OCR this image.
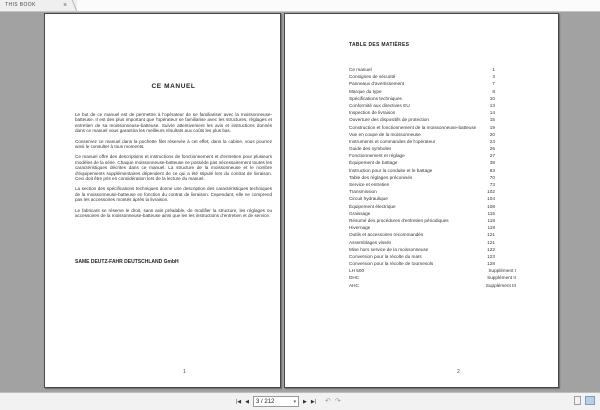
THIS BOOK	×
CE MANUEL

Le but de ce manuel est de permettre à l'opérateur de se familiariser avec la moissonneuse-batteuse. Il est des plus important que l'opérateur se familiarise avec les structures, réglages et entretien de sa moissonneuse-batteuse. Suivre attentivement les avis et instructions donnés dans ce manuel vous garantira les meilleurs résultats aux coûts les plus bas.

Conservez ce manuel dans la pochette filet réservée à cet effet, dans la cabine, vous pourrez ainsi le consulter à tous moments.

Ce manuel offre des descriptions et instructions de fonctionnement et d'entretien pour plusieurs modèles de la série. Chaque moissonneuse-batteuse ne possède pas nécessairement toutes les caractéristiques décrites dans ce manuel. La structure de la moissonneuse et le nombre d'équipements supplémentaires dépendent de ce qui a été stipulé lors du contrat de livraison. Ceci doit être pris en considération lors de la lecture du manuel.

La section des spécifications techniques donne une description des caractéristiques techniques de la moissonneuse-batteuse en fonction du contrat de livraison. Cependant, elle ne comprend pas les accessoires montés après la livraison.

Le fabricant se réserve le droit, sans avis préalable, de modifier la structure, les réglages ou accessoires de la moissonneuse-batteuse ainsi que les les instructions d'entretien et de service.

SAME DEUTZ-FAHR DEUTSCHLAND GmbH
1
TABLE DES MATIÈRES
Ce manuel	1
Consignes de sécurité	3
Panneaux d'avertissement	7
Marque du type	8
Spécifications techniques	10
Conformité aux directives EU	13
Inspection de livraison	14
Ouverture des dispositifs de protection	15
Construction et fonctionnement de la moissonneuse-batteuse	19
Vue en coupe de la moissonneuse	20
Instruments et commandes de l'opérateur	23
Guide des symboles	26
Fonctionnement et réglage	27
Équipement de battage	38
Instruction pour la conduite et le battage	63
Table des réglages préconisés	70
Service et entretien	73
Transmission	102
Circuit hydraulique	104
Équipement électrique	108
Graissage	115
Résumé des procédures d'entretien périodiques	118
Hivernage	119
Outils et accessoires recommandés	121
Assemblages vissés	121
Mise hors service de la moissonneuse	122
Conversion pour la récolte du maïs	123
Conversion pour la récolte de tournesols	128
LH 500	Supplément I
DHC	Supplément II
AHC	Supplément III
2
|◀ ◀ 3 / 212	▾ ▶ ▶| ↶ ↷
